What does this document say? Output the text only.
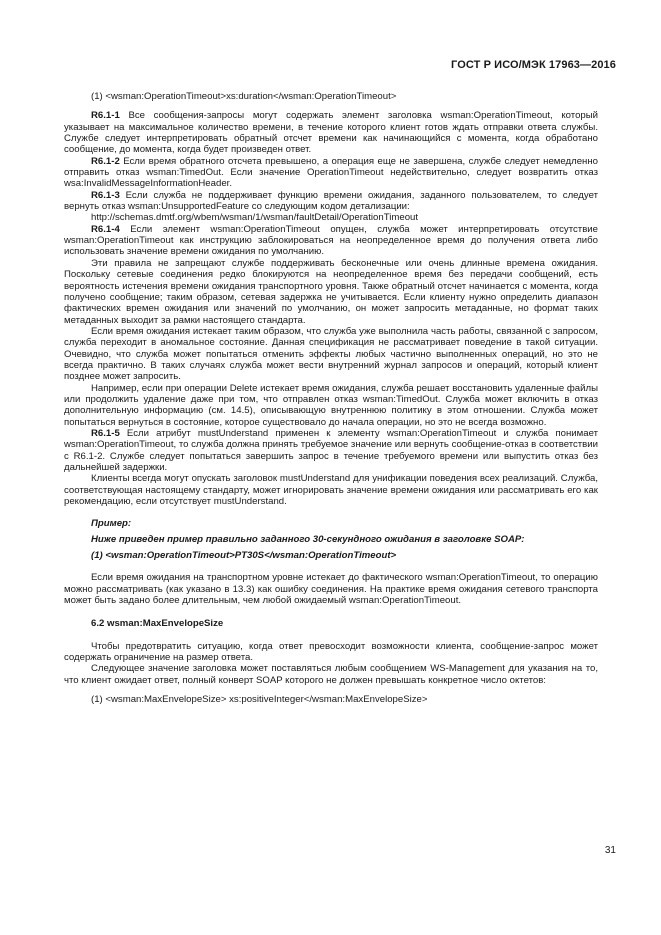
ГОСТ Р ИСО/МЭК 17963—2016

(1) <wsman:OperationTimeout>xs:duration</wsman:OperationTimeout>

R6.1-1 Все сообщения-запросы могут содержать элемент заголовка wsman:OperationTimeout, который указывает на максимальное количество времени, в течение которого клиент готов ждать отправки ответа службы. Службе следует интерпретировать обратный отсчет времени как начинающийся с момента, когда обработано сообщение, до момента, когда будет произведен ответ.

R6.1-2 Если время обратного отсчета превышено, а операция еще не завершена, службе следует немедленно отправить отказ wsman:TimedOut. Если значение OperationTimeout недействительно, следует возвратить отказ wsa:InvalidMessageInformationHeader.

R6.1-3 Если служба не поддерживает функцию времени ожидания, заданного пользователем, то следует вернуть отказ wsman:UnsupportedFeature со следующим кодом детализации:

http://schemas.dmtf.org/wbem/wsman/1/wsman/faultDetail/OperationTimeout

R6.1-4 Если элемент wsman:OperationTimeout опущен, служба может интерпретировать отсутствие wsman:OperationTimeout как инструкцию заблокироваться на неопределенное время до получения ответа либо использовать значение времени ожидания по умолчанию.

Эти правила не запрещают службе поддерживать бесконечные или очень длинные времена ожидания. Поскольку сетевые соединения редко блокируются на неопределенное время без передачи сообщений, есть вероятность истечения времени ожидания транспортного уровня. Также обратный отсчет начинается с момента, когда получено сообщение; таким образом, сетевая задержка не учитывается. Если клиенту нужно определить диапазон фактических времен ожидания или значений по умолчанию, он может запросить метаданные, но формат таких метаданных выходит за рамки настоящего стандарта.

Если время ожидания истекает таким образом, что служба уже выполнила часть работы, связанной с запросом, служба переходит в аномальное состояние. Данная спецификация не рассматривает поведение в такой ситуации. Очевидно, что служба может попытаться отменить эффекты любых частично выполненных операций, но это не всегда практично. В таких случаях служба может вести внутренний журнал запросов и операций, который клиент позднее может запросить.

Например, если при операции Delete истекает время ожидания, служба решает восстановить удаленные файлы или продолжить удаление даже при том, что отправлен отказ wsman:TimedOut. Служба может включить в отказ дополнительную информацию (см. 14.5), описывающую внутреннюю политику в этом отношении. Служба может попытаться вернуться в состояние, которое существовало до начала операции, но это не всегда возможно.

R6.1-5 Если атрибут mustUnderstand применен к элементу wsman:OperationTimeout и служба понимает wsman:OperationTimeout, то служба должна принять требуемое значение или вернуть сообщение-отказ в соответствии с R6.1-2. Службе следует попытаться завершить запрос в течение требуемого времени или выпустить отказ без дальнейшей задержки.

Клиенты всегда могут опускать заголовок mustUnderstand для унификации поведения всех реализаций. Служба, соответствующая настоящему стандарту, может игнорировать значение времени ожидания или рассматривать его как рекомендацию, если отсутствует mustUnderstand.

Пример:

Ниже приведен пример правильно заданного 30-секундного ожидания в заголовке SOAP:

(1) <wsman:OperationTimeout>PT30S</wsman:OperationTimeout>

Если время ожидания на транспортном уровне истекает до фактического wsman:OperationTimeout, то операцию можно рассматривать (как указано в 13.3) как ошибку соединения. На практике время ожидания сетевого транспорта может быть задано более длительным, чем любой ожидаемый wsman:OperationTimeout.

6.2 wsman:MaxEnvelopeSize

Чтобы предотвратить ситуацию, когда ответ превосходит возможности клиента, сообщение-запрос может содержать ограничение на размер ответа.

Следующее значение заголовка может поставляться любым сообщением WS-Management для указания на то, что клиент ожидает ответ, полный конверт SOAP которого не должен превышать конкретное число октетов:

(1) <wsman:MaxEnvelopeSize> xs:positiveInteger</wsman:MaxEnvelopeSize>

31
